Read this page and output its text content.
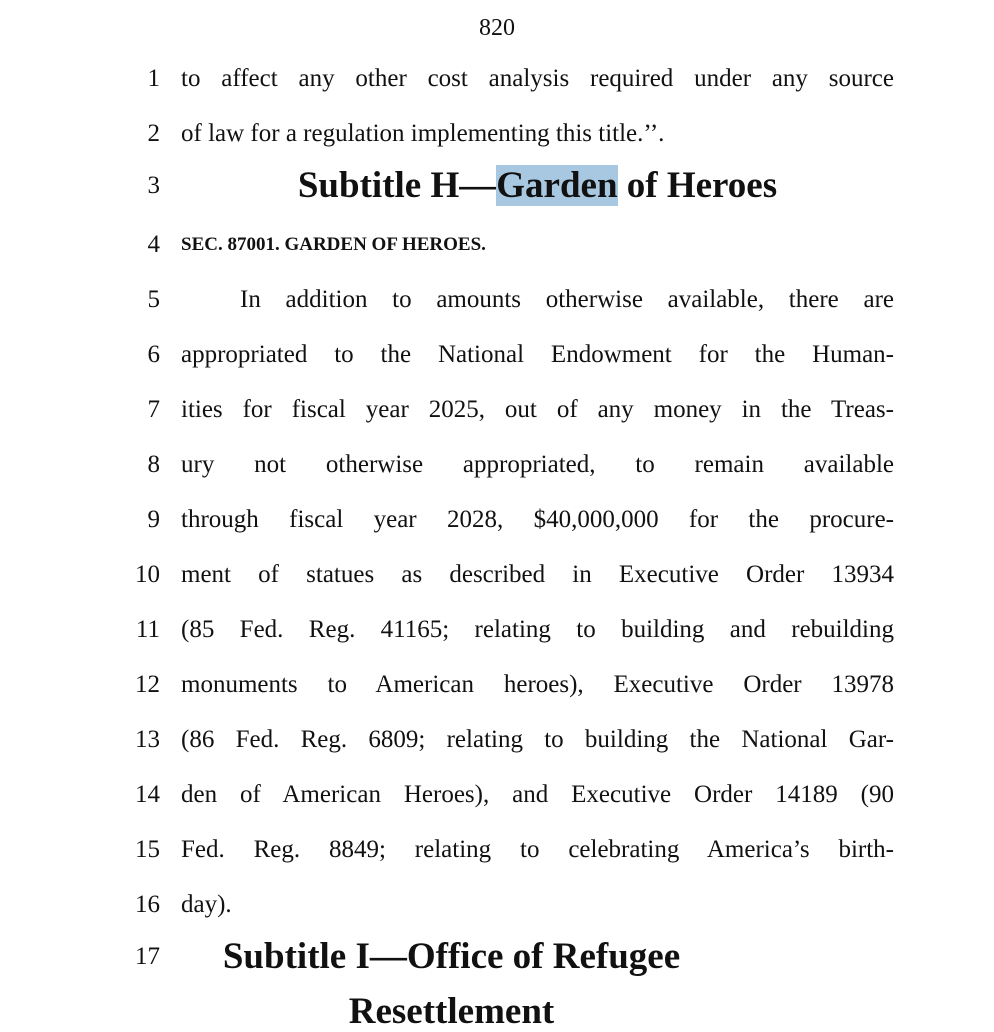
820
1 to affect any other cost analysis required under any source
2 of law for a regulation implementing this title.’’.
3	Subtitle H—Garden of Heroes
4 SEC. 87001. GARDEN OF HEROES.
5	In addition to amounts otherwise available, there are
6 appropriated to the National Endowment for the Human-
7 ities for fiscal year 2025, out of any money in the Treas-
8 ury not otherwise appropriated, to remain available
9 through fiscal year 2028, $40,000,000 for the procure-
10 ment of statues as described in Executive Order 13934
11 (85 Fed. Reg. 41165; relating to building and rebuilding
12 monuments to American heroes), Executive Order 13978
13 (86 Fed. Reg. 6809; relating to building the National Gar-
14 den of American Heroes), and Executive Order 14189 (90
15 Fed. Reg. 8849; relating to celebrating America’s birth-
16 day).
17	Subtitle I—Office of Refugee
Resettlement
